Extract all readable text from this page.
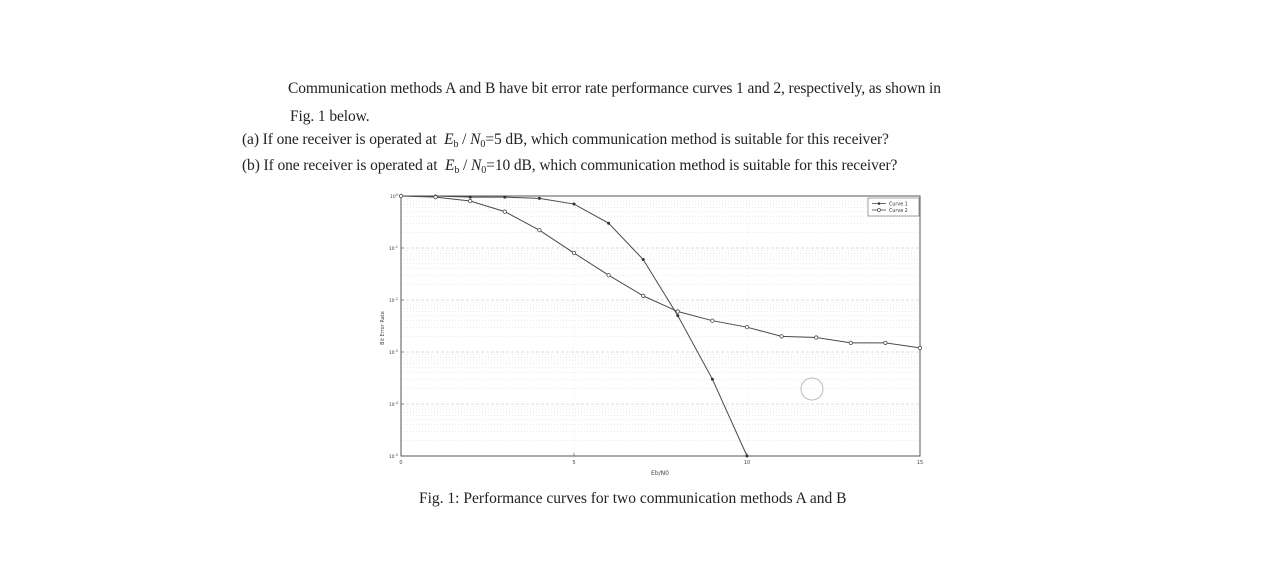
Communication methods A and B have bit error rate performance curves 1 and 2, respectively, as shown in
Fig. 1 below.
(a) If one receiver is operated at $E_b / N_0=5$ dB, which communication method is suitable for this receiver?
(b) If one receiver is operated at $E_b / N_0=10$ dB, which communication method is suitable for this receiver?
$10^0$
$10^{-1}$
$10^{-2}$
$10^{-3}$
$10^{-4}$
$10^{-5}$
0	5	10	15
Bit Error Rate
Eb/N0
Curve 1
Curve 2
Fig. 1: Performance curves for two communication methods A and B
